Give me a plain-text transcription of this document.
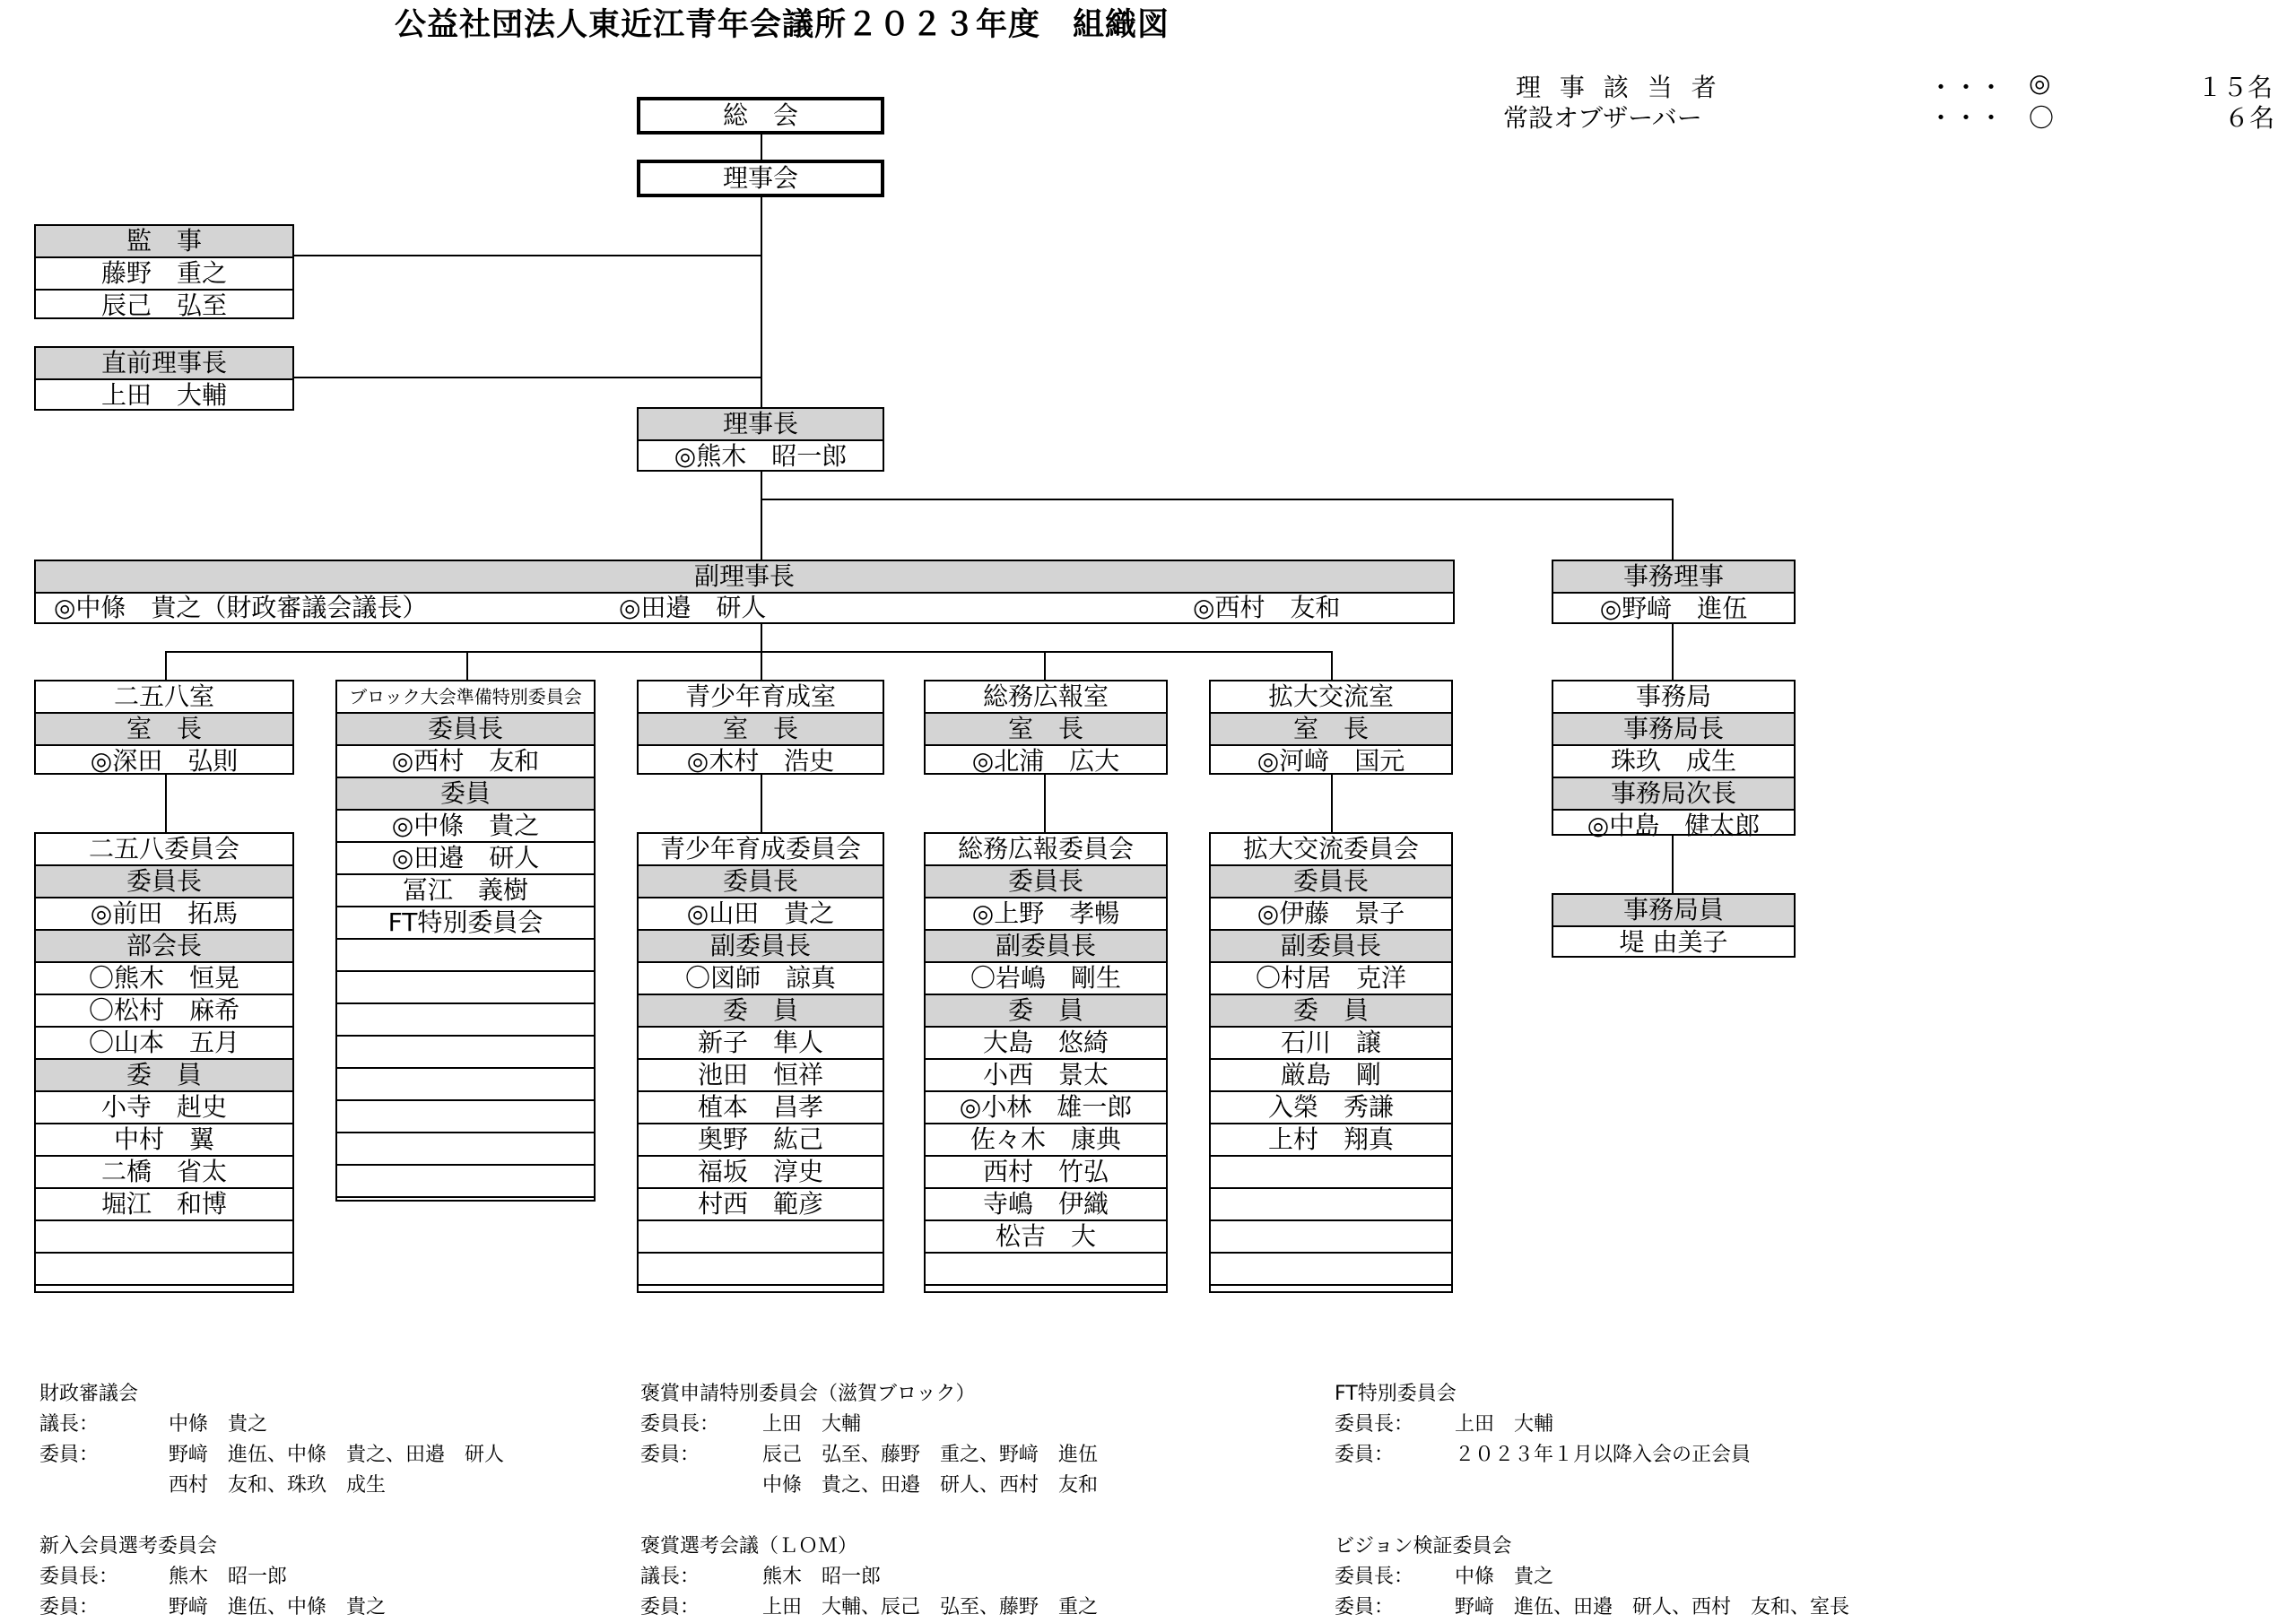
公益社団法人東近江青年会議所２０２３年度　組織図
理 事 該 当 者	・・・ ◎	１５名
常設オブザーバー	・・・ 〇	６名
総　会
理事会
監　事
藤野　重之
辰己　弘至
直前理事長
上田　大輔
理事長
◎熊木　昭一郎
副理事長
◎中條　貴之（財政審議会議長）	◎田邉　研人	◎西村　友和
事務理事
◎野﨑　進伍
二五八室
室　長
◎深田　弘則
ブロック大会準備特別委員会
委員長
◎西村　友和
委員
◎中條　貴之
◎田邉　研人
冨江　義樹
FT特別委員会
青少年育成室
室　長
◎木村　浩史
総務広報室
室　長
◎北浦　広大
拡大交流室
室　長
◎河﨑　国元
事務局
事務局長
珠玖　成生
事務局次長
◎中島　健太郎
事務局員
堤 由美子
二五八委員会
委員長
◎前田　拓馬
部会長
〇熊木　恒晃
〇松村　麻希
〇山本　五月
委　員
小寺　赳史
中村　翼
二橋　省太
堀江　和博
青少年育成委員会
委員長
◎山田　貴之
副委員長
〇図師　諒真
委　員
新子　隼人
池田　恒祥
植本　昌孝
奥野　紘己
福坂　淳史
村西　範彦
総務広報委員会
委員長
◎上野　孝暢
副委員長
〇岩嶋　剛生
委　員
大島　悠綺
小西　景太
◎小林　雄一郎
佐々木　康典
西村　竹弘
寺嶋　伊織
松吉　大
拡大交流委員会
委員長
◎伊藤　景子
副委員長
〇村居　克洋
委　員
石川　譲
厳島　剛
入榮　秀謙
上村　翔真
財政審議会
議長：	中條　貴之
委員：	野﨑　進伍、中條　貴之、田邉　研人
西村　友和、珠玖　成生
褒賞申請特別委員会（滋賀ブロック）
委員長： 上田　大輔
委員：	辰己　弘至、藤野　重之、野﨑　進伍
中條　貴之、田邉　研人、西村　友和
FT特別委員会
委員長： 上田　大輔
委員：	２０２３年１月以降入会の正会員
新入会員選考委員会
委員長：	熊木　昭一郎
委員：	野﨑　進伍、中條　貴之
褒賞選考会議（ＬＯＭ）
議長：	熊木　昭一郎
委員：	上田　大輔、辰己　弘至、藤野　重之
ビジョン検証委員会
委員長： 中條　貴之
委員：	野﨑　進伍、田邉　研人、西村　友和、室長
